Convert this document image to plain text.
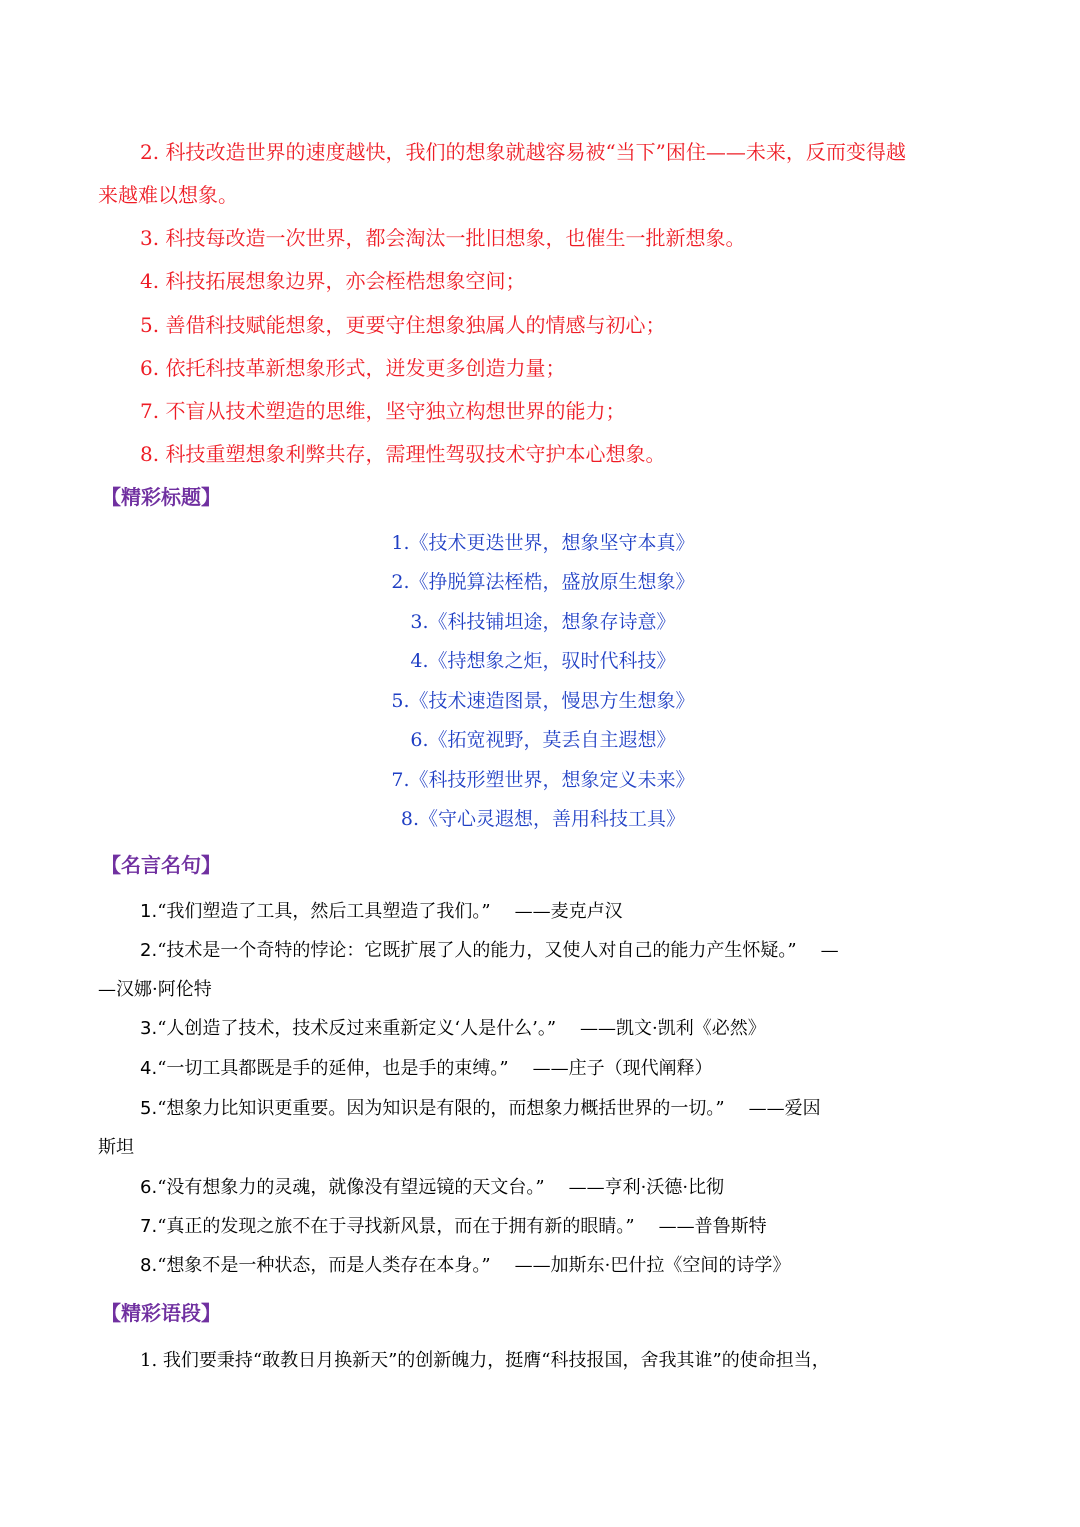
2. 科技改造世界的速度越快，我们的想象就越容易被“当下”困住——未来，反而变得越
来越难以想象。
3. 科技每改造一次世界，都会淘汰一批旧想象，也催生一批新想象。
4. 科技拓展想象边界，亦会桎梏想象空间；
5. 善借科技赋能想象，更要守住想象独属人的情感与初心；
6. 依托科技革新想象形式，迸发更多创造力量；
7. 不盲从技术塑造的思维，坚守独立构想世界的能力；
8. 科技重塑想象利弊共存，需理性驾驭技术守护本心想象。
【精彩标题】
1.《技术更迭世界，想象坚守本真》
2.《挣脱算法桎梏，盛放原生想象》
3.《科技铺坦途，想象存诗意》
4.《持想象之炬，驭时代科技》
5.《技术速造图景，慢思方生想象》
6.《拓宽视野，莫丢自主遐想》
7.《科技形塑世界，想象定义未来》
8.《守心灵遐想，善用科技工具》
【名言名句】
1.“我们塑造了工具，然后工具塑造了我们。” ——麦克卢汉
2.“技术是一个奇特的悖论：它既扩展了人的能力，又使人对自己的能力产生怀疑。” —
—汉娜·阿伦特
3.“人创造了技术，技术反过来重新定义‘人是什么’。” ——凯文·凯利《必然》
4.“一切工具都既是手的延伸，也是手的束缚。” ——庄子（现代阐释）
5.“想象力比知识更重要。因为知识是有限的，而想象力概括世界的一切。” ——爱因
斯坦
6.“没有想象力的灵魂，就像没有望远镜的天文台。” ——亨利·沃德·比彻
7.“真正的发现之旅不在于寻找新风景，而在于拥有新的眼睛。” ——普鲁斯特
8.“想象不是一种状态，而是人类存在本身。” ——加斯东·巴什拉《空间的诗学》
【精彩语段】
1. 我们要秉持“敢教日月换新天”的创新魄力，挺膺“科技报国，舍我其谁”的使命担当，
